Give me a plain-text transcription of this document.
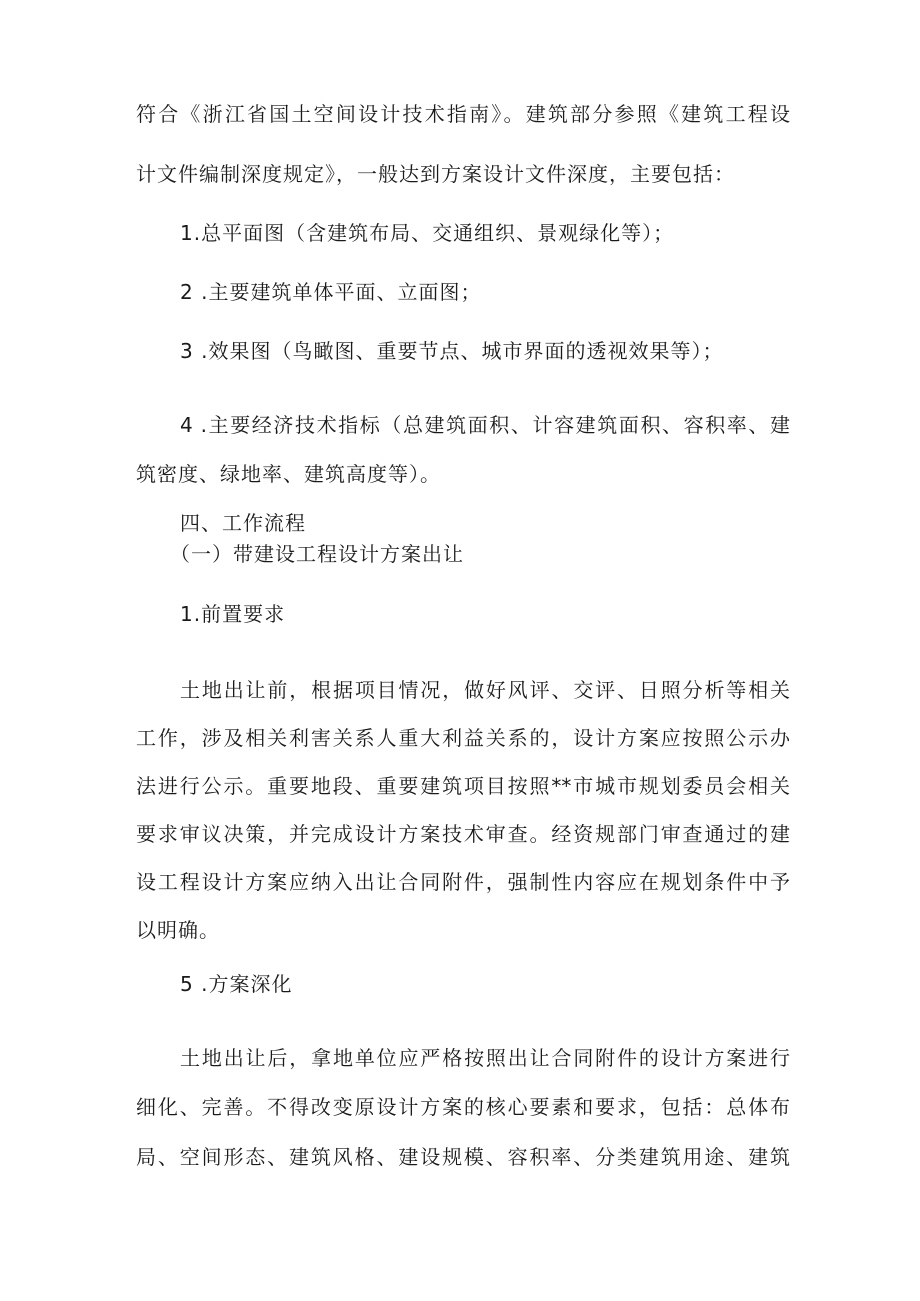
符合《浙江省国土空间设计技术指南》。建筑部分参照《建筑工程设
计文件编制深度规定》，一般达到方案设计文件深度，主要包括：
1.总平面图（含建筑布局、交通组织、景观绿化等）；
2 .主要建筑单体平面、立面图；
3 .效果图（鸟瞰图、重要节点、城市界面的透视效果等）；
4 .主要经济技术指标（总建筑面积、计容建筑面积、容积率、建
筑密度、绿地率、建筑高度等）。
四、工作流程
（一）带建设工程设计方案出让
1.前置要求
土地出让前，根据项目情况，做好风评、交评、日照分析等相关
工作，涉及相关利害关系人重大利益关系的，设计方案应按照公示办
法进行公示。重要地段、重要建筑项目按照**市城市规划委员会相关
要求审议决策，并完成设计方案技术审查。经资规部门审查通过的建
设工程设计方案应纳入出让合同附件，强制性内容应在规划条件中予
以明确。
5 .方案深化
土地出让后，拿地单位应严格按照出让合同附件的设计方案进行
细化、完善。不得改变原设计方案的核心要素和要求，包括：总体布
局、空间形态、建筑风格、建设规模、容积率、分类建筑用途、建筑
